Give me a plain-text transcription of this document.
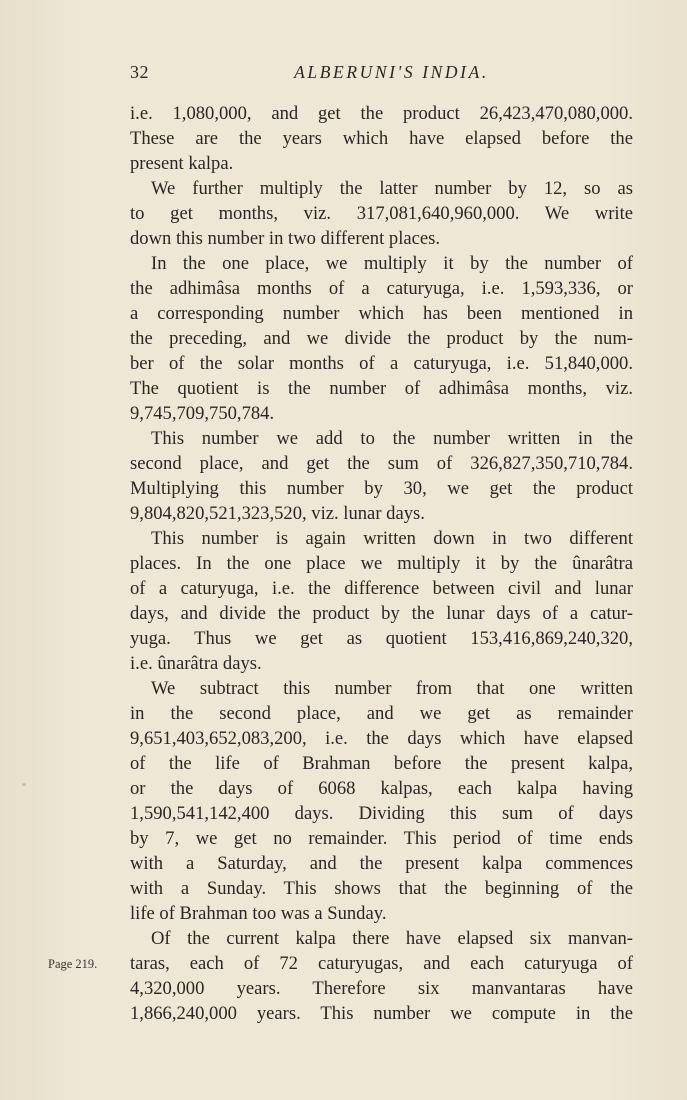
32	ALBERUNI'S INDIA.
i.e. 1,080,000, and get the product 26,423,470,080,000.
These are the years which have elapsed before the
present kalpa.
We further multiply the latter number by 12, so as
to get months, viz. 317,081,640,960,000. We write
down this number in two different places.
In the one place, we multiply it by the number of
the adhimâsa months of a caturyuga, i.e. 1,593,336, or
a corresponding number which has been mentioned in
the preceding, and we divide the product by the num-
ber of the solar months of a caturyuga, i.e. 51,840,000.
The quotient is the number of adhimâsa months, viz.
9,745,709,750,784.
This number we add to the number written in the
second place, and get the sum of 326,827,350,710,784.
Multiplying this number by 30, we get the product
9,804,820,521,323,520, viz. lunar days.
This number is again written down in two different
places. In the one place we multiply it by the ûnarâtra
of a caturyuga, i.e. the difference between civil and lunar
days, and divide the product by the lunar days of a catur-
yuga. Thus we get as quotient 153,416,869,240,320,
i.e. ûnarâtra days.
We subtract this number from that one written
in the second place, and we get as remainder
9,651,403,652,083,200, i.e. the days which have elapsed
of the life of Brahman before the present kalpa,
or the days of 6068 kalpas, each kalpa having
1,590,541,142,400 days. Dividing this sum of days
by 7, we get no remainder. This period of time ends
with a Saturday, and the present kalpa commences
with a Sunday. This shows that the beginning of the
life of Brahman too was a Sunday.
Of the current kalpa there have elapsed six manvan-
taras, each of 72 caturyugas, and each caturyuga of
4,320,000 years. Therefore six manvantaras have
1,866,240,000 years. This number we compute in the
Page 219.
